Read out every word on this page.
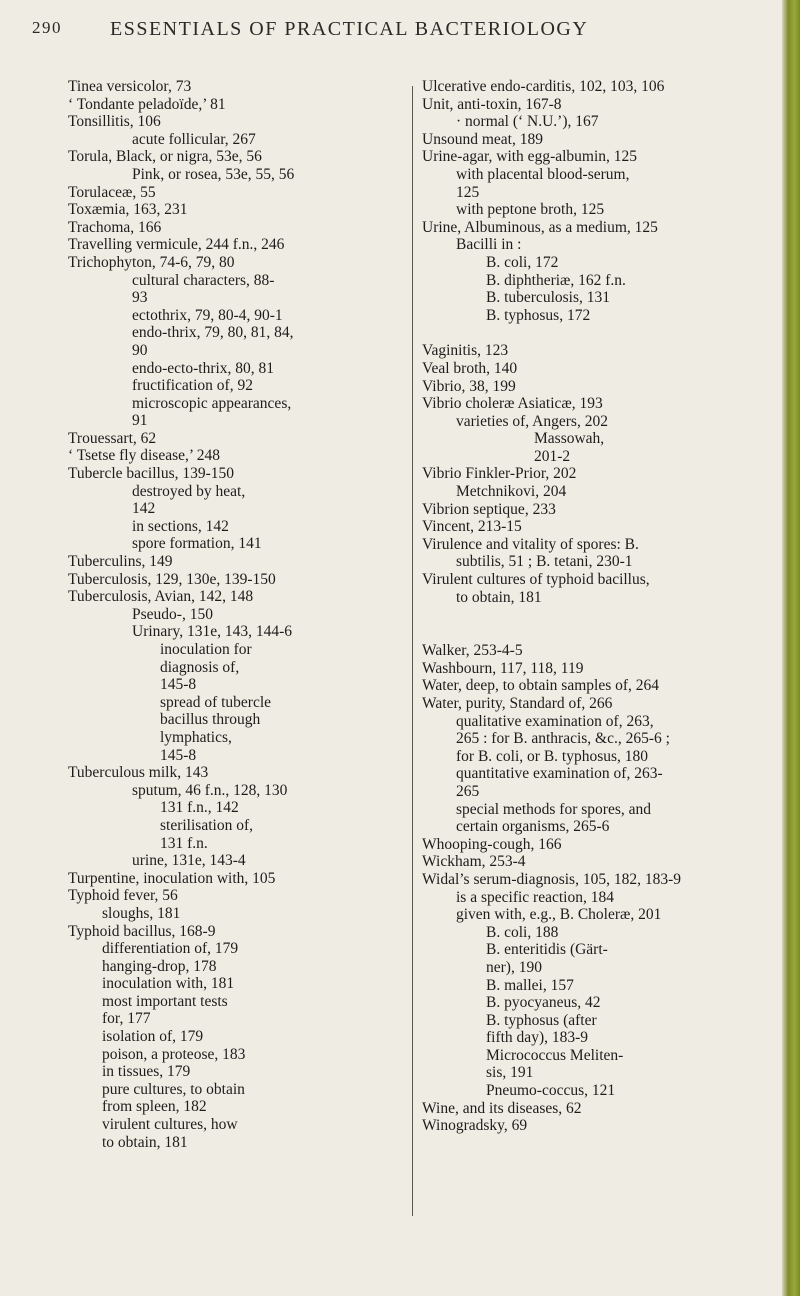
290 ESSENTIALS OF PRACTICAL BACTERIOLOGY
Tinea versicolor, 73
‘ Tondante peladoïde,’ 81
Tonsillitis, 106
acute follicular, 267
Torula, Black, or nigra, 53e, 56
Pink, or rosea, 53e, 55, 56
Torulaceæ, 55
Toxæmia, 163, 231
Trachoma, 166
Travelling vermicule, 244 f.n., 246
Trichophyton, 74-6, 79, 80
cultural characters, 88-
93
ectothrix, 79, 80-4, 90-1
endo-thrix, 79, 80, 81, 84,
90
endo-ecto-thrix, 80, 81
fructification of, 92
microscopic appearances,
91
Trouessart, 62
‘ Tsetse fly disease,’ 248
Tubercle bacillus, 139-150
destroyed by heat,
142
in sections, 142
spore formation, 141
Tuberculins, 149
Tuberculosis, 129, 130e, 139-150
Tuberculosis, Avian, 142, 148
Pseudo-, 150
Urinary, 131e, 143, 144-6
inoculation for
diagnosis of,
145-8
spread of tubercle
bacillus through
lymphatics,
145-8
Tuberculous milk, 143
sputum, 46 f.n., 128, 130
131 f.n., 142
sterilisation of,
131 f.n.
urine, 131e, 143-4
Turpentine, inoculation with, 105
Typhoid fever, 56
sloughs, 181
Typhoid bacillus, 168-9
differentiation of, 179
hanging-drop, 178
inoculation with, 181
most important tests
for, 177
isolation of, 179
poison, a proteose, 183
in tissues, 179
pure cultures, to obtain
from spleen, 182
virulent cultures, how
to obtain, 181
Ulcerative endo-carditis, 102, 103, 106
Unit, anti-toxin, 167-8
· normal (‘ N.U.’), 167
Unsound meat, 189
Urine-agar, with egg-albumin, 125
with placental blood-serum,
125
with peptone broth, 125
Urine, Albuminous, as a medium, 125
Bacilli in :
B. coli, 172
B. diphtheriæ, 162 f.n.
B. tuberculosis, 131
B. typhosus, 172
Vaginitis, 123
Veal broth, 140
Vibrio, 38, 199
Vibrio choleræ Asiaticæ, 193
varieties of, Angers, 202
Massowah,
201-2
Vibrio Finkler-Prior, 202
Metchnikovi, 204
Vibrion septique, 233
Vincent, 213-15
Virulence and vitality of spores: B.
subtilis, 51 ; B. tetani, 230-1
Virulent cultures of typhoid bacillus,
to obtain, 181
Walker, 253-4-5
Washbourn, 117, 118, 119
Water, deep, to obtain samples of, 264
Water, purity, Standard of, 266
qualitative examination of, 263,
265 : for B. anthracis, &c., 265-6 ;
for B. coli, or B. typhosus, 180
quantitative examination of, 263-
265
special methods for spores, and
certain organisms, 265-6
Whooping-cough, 166
Wickham, 253-4
Widal’s serum-diagnosis, 105, 182, 183-9
is a specific reaction, 184
given with, e.g., B. Choleræ, 201
B. coli, 188
B. enteritidis (Gärt-
ner), 190
B. mallei, 157
B. pyocyaneus, 42
B. typhosus (after
fifth day), 183-9
Micrococcus Meliten-
sis, 191
Pneumo-coccus, 121
Wine, and its diseases, 62
Winogradsky, 69
